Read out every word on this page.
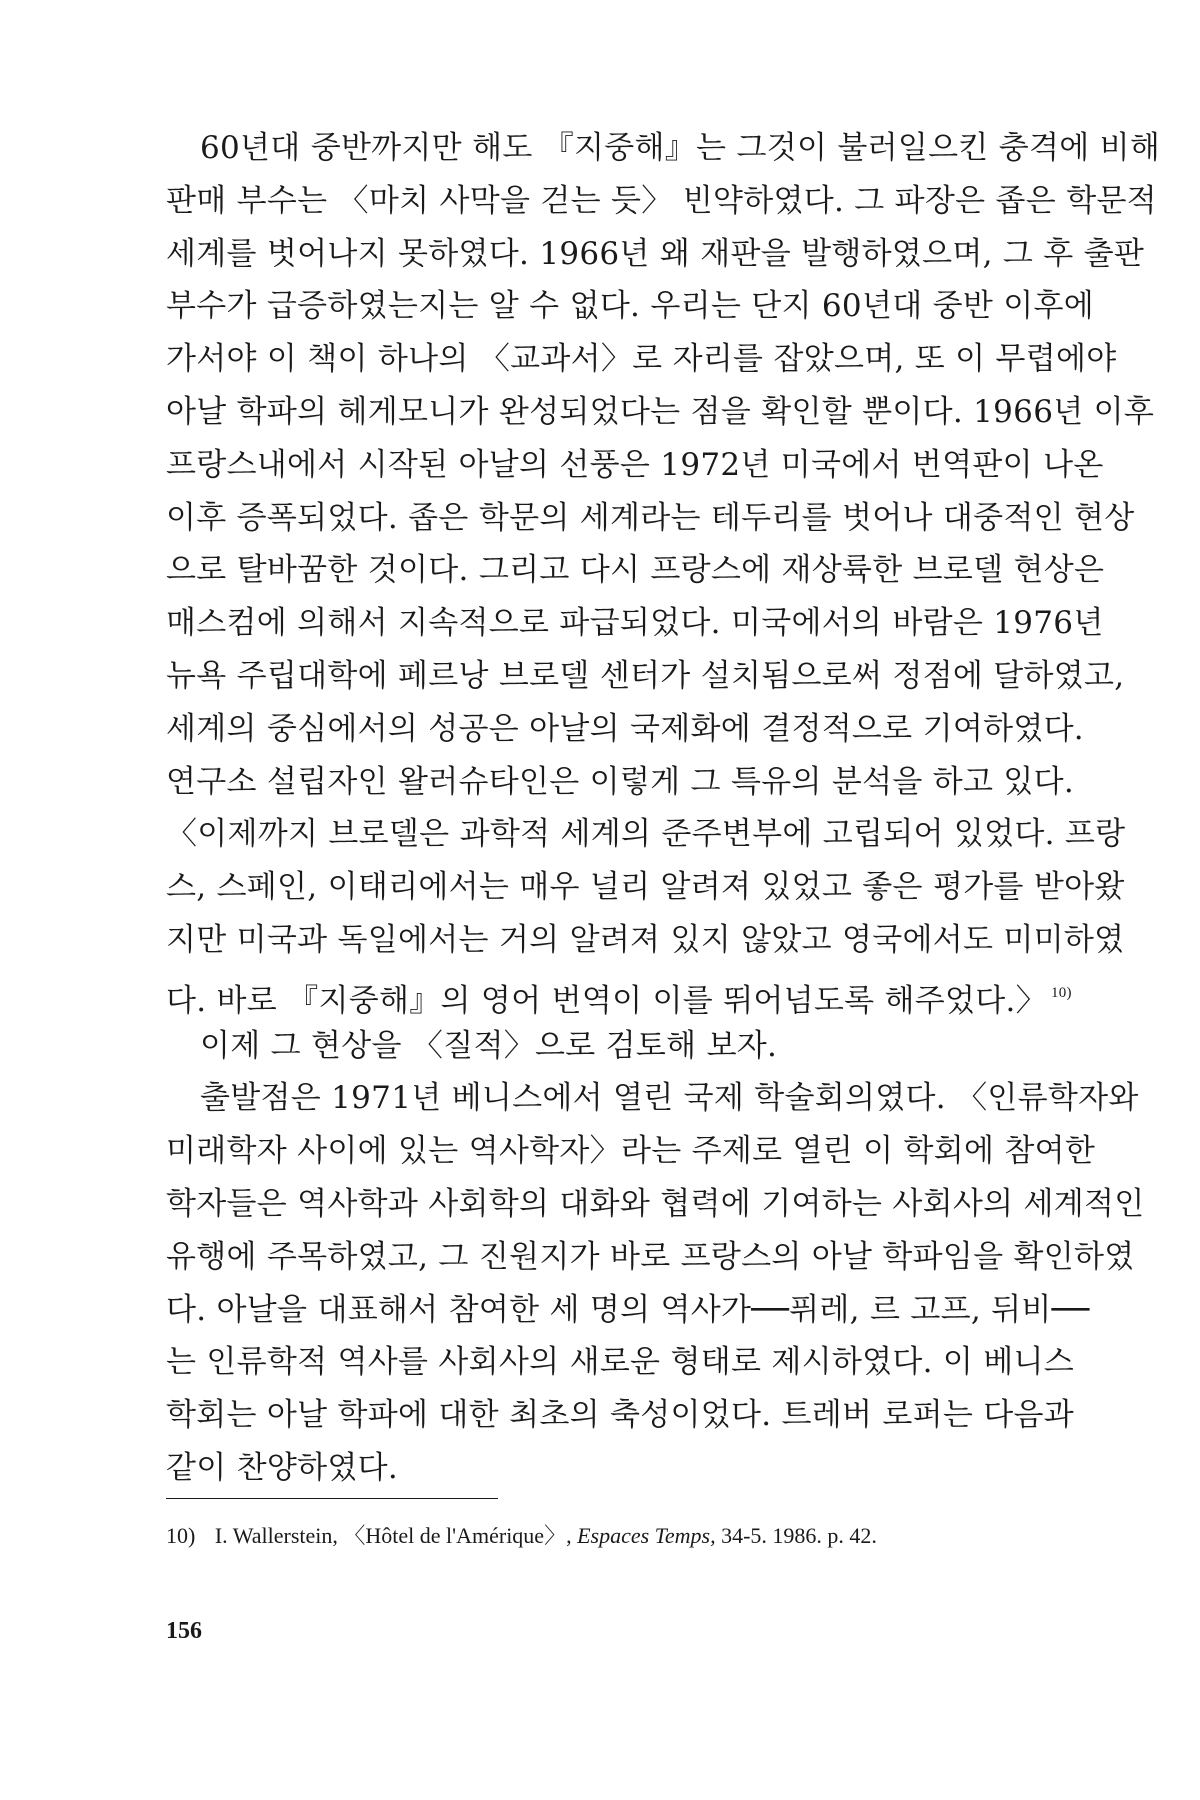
60년대 중반까지만 해도 『지중해』는 그것이 불러일으킨 충격에 비해
판매 부수는 〈마치 사막을 걷는 듯〉 빈약하였다. 그 파장은 좁은 학문적
세계를 벗어나지 못하였다. 1966년 왜 재판을 발행하였으며, 그 후 출판
부수가 급증하였는지는 알 수 없다. 우리는 단지 60년대 중반 이후에
가서야 이 책이 하나의 〈교과서〉로 자리를 잡았으며, 또 이 무렵에야
아날 학파의 헤게모니가 완성되었다는 점을 확인할 뿐이다. 1966년 이후
프랑스내에서 시작된 아날의 선풍은 1972년 미국에서 번역판이 나온
이후 증폭되었다. 좁은 학문의 세계라는 테두리를 벗어나 대중적인 현상
으로 탈바꿈한 것이다. 그리고 다시 프랑스에 재상륙한 브로델 현상은
매스컴에 의해서 지속적으로 파급되었다. 미국에서의 바람은 1976년
뉴욕 주립대학에 페르낭 브로델 센터가 설치됨으로써 정점에 달하였고,
세계의 중심에서의 성공은 아날의 국제화에 결정적으로 기여하였다.
연구소 설립자인 왈러슈타인은 이렇게 그 특유의 분석을 하고 있다.
〈이제까지 브로델은 과학적 세계의 준주변부에 고립되어 있었다. 프랑
스, 스페인, 이태리에서는 매우 널리 알려져 있었고 좋은 평가를 받아왔
지만 미국과 독일에서는 거의 알려져 있지 않았고 영국에서도 미미하였
다. 바로 『지중해』의 영어 번역이 이를 뛰어넘도록 해주었다.〉 $^{10)}$
이제 그 현상을 〈질적〉으로 검토해 보자.
출발점은 1971년 베니스에서 열린 국제 학술회의였다. 〈인류학자와
미래학자 사이에 있는 역사학자〉라는 주제로 열린 이 학회에 참여한
학자들은 역사학과 사회학의 대화와 협력에 기여하는 사회사의 세계적인
유행에 주목하였고, 그 진원지가 바로 프랑스의 아날 학파임을 확인하였
다. 아날을 대표해서 참여한 세 명의 역사가──퓌레, 르 고프, 뒤비──
는 인류학적 역사를 사회사의 새로운 형태로 제시하였다. 이 베니스
학회는 아날 학파에 대한 최초의 축성이었다. 트레버 로퍼는 다음과
같이 찬양하였다.
10) I. Wallerstein, 〈Hôtel de l'Amérique〉, Espaces Temps, 34-5. 1986. p. 42.
156
